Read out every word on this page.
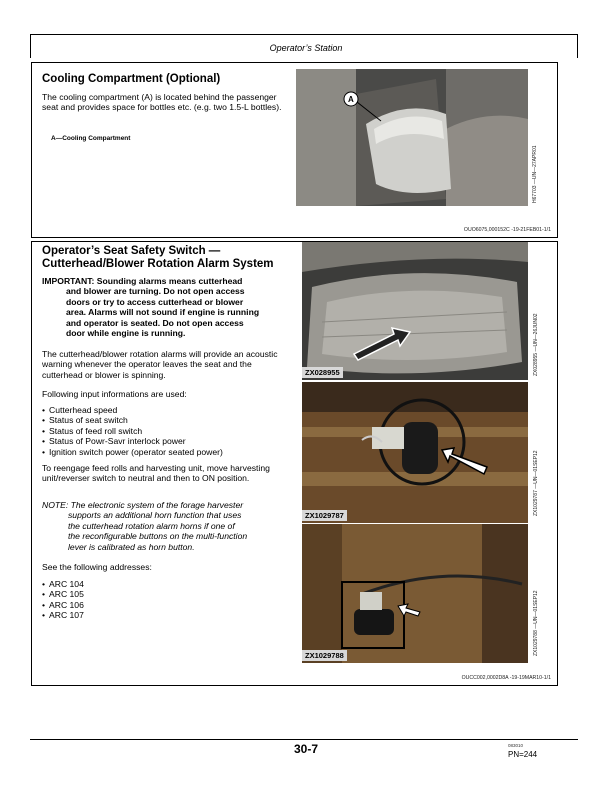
Operator’s Station
Cooling Compartment (Optional)
The cooling compartment (A) is located behind the passenger seat and provides space for bottles etc. (e.g. two 1.5-L bottles).
A—Cooling Compartment
A
H67703 —UN—27APR01
OUO6075,000152C -19-21FEB01-1/1
Operator’s Seat Safety Switch —
Cutterhead/Blower Rotation Alarm System
IMPORTANT: Sounding alarms means cutterhead
and blower are turning. Do not open access
doors or try to access cutterhead or blower
area. Alarms will not sound if engine is running
and operator is seated. Do not open access
door while engine is running.
The cutterhead/blower rotation alarms will provide an acoustic warning whenever the operator leaves the seat and the cutterhead or blower is spinning.
Following input informations are used:
• Cutterhead speed
• Status of seat switch
• Status of feed roll switch
• Status of Powr-Savr interlock power
• Ignition switch power (operator seated power)
To reengage feed rolls and harvesting unit, move harvesting unit/reverser switch to neutral and then to ON position.
NOTE: The electronic system of the forage harvester
supports an additional horn function that uses
the cutterhead rotation alarm horns if one of
the reconfigurable buttons on the multi-function
lever is calibrated as horn button.
See the following addresses:
• ARC 104
• ARC 105
• ARC 106
• ARC 107
ZX028955	ZX028955 —UN—26JUN02
ZX1029787	ZX1029787 —UN—01SEP12
ZX1029788	ZX1029788 —UN—01SEP12
OUCC002,0002D8A -19-19MAR10-1/1
30-7	083010
PN=244
